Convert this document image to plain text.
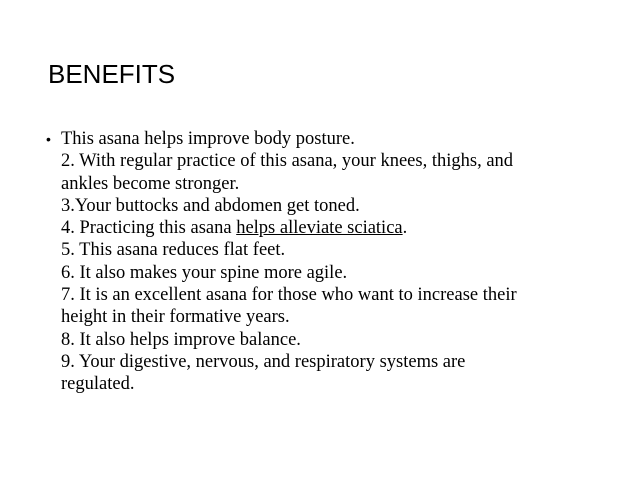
BENEFITS
• This asana helps improve body posture.
2. With regular practice of this asana, your knees, thighs, and
ankles become stronger.
3.Your buttocks and abdomen get toned.
4. Practicing this asana helps alleviate sciatica.
5. This asana reduces flat feet.
6. It also makes your spine more agile.
7. It is an excellent asana for those who want to increase their
height in their formative years.
8. It also helps improve balance.
9. Your digestive, nervous, and respiratory systems are
regulated.
